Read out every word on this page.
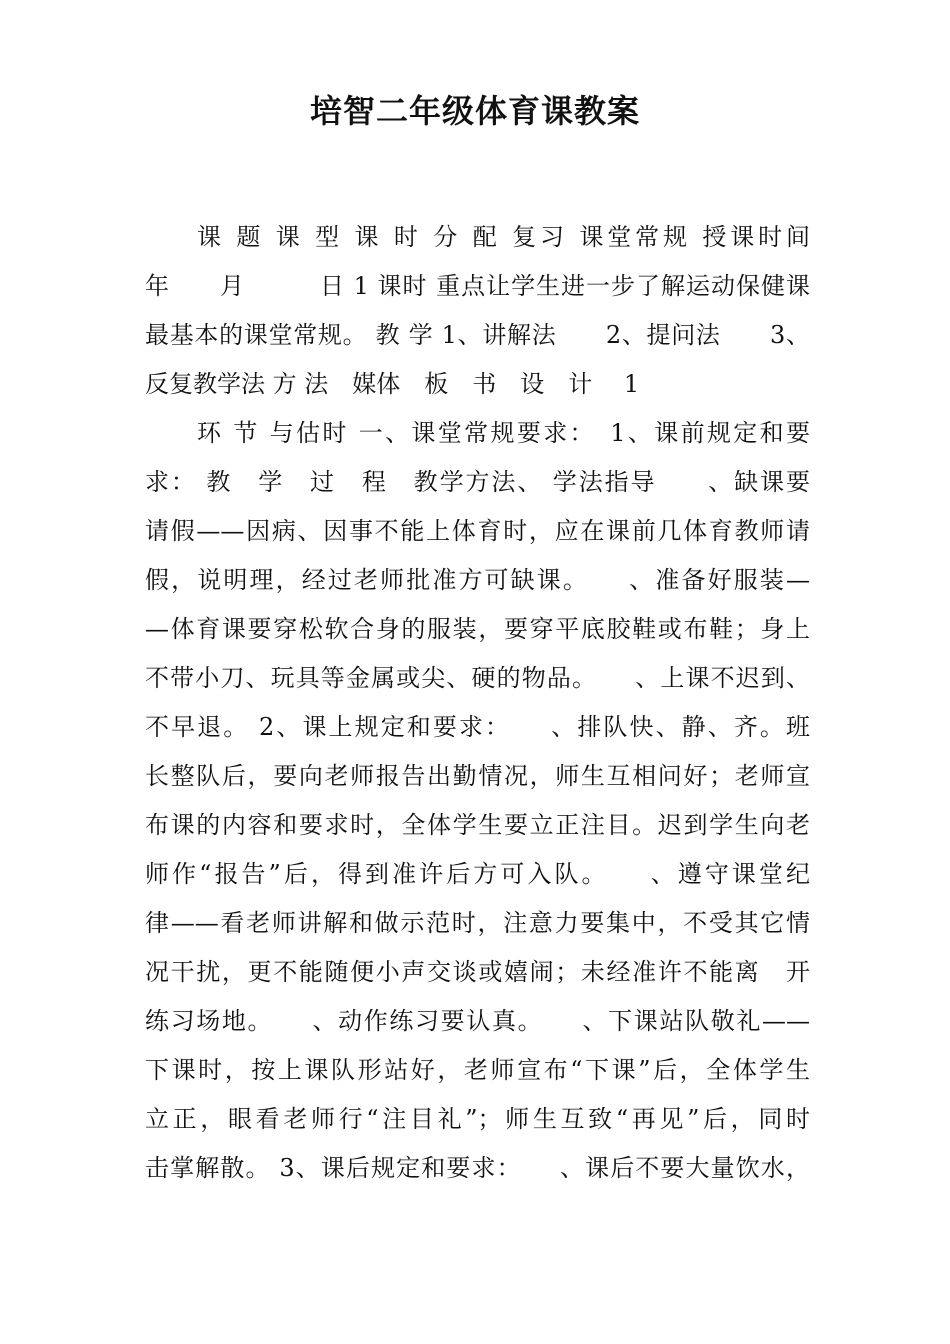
培智二年级体育课教案
课 题 课 型 课 时 分 配 复习 课堂常规 授课时间
年　　月　　　日 1 课时 重点让学生进一步了解运动保健课
最基本的课堂常规。 教 学 1、讲解法　　2、提问法　　3、
反复教学法 方 法　媒体　板　书　设　计　 1
环 节 与估时 一、课堂常规要求：　1、课前规定和要
求： 教　学　过　程　教学方法、 学法指导　　、缺课要
请假——因病、因事不能上体育时，应在课前几体育教师请
假，说明理，经过老师批准方可缺课。　　、准备好服装—
—体育课要穿松软合身的服装，要穿平底胶鞋或布鞋；身上
不带小刀、玩具等金属或尖、硬的物品。　　、上课不迟到、
不早退。 2、课上规定和要求：　　、排队快、静、齐。班
长整队后，要向老师报告出勤情况，师生互相问好；老师宣
布课的内容和要求时，全体学生要立正注目。迟到学生向老
师作“报告”后，得到准许后方可入队。　　、遵守课堂纪
律——看老师讲解和做示范时，注意力要集中，不受其它情
况干扰，更不能随便小声交谈或嬉闹；未经准许不能离　开
练习场地。　　、动作练习要认真。　　、下课站队敬礼——
下课时，按上课队形站好，老师宣布“下课”后，全体学生
立正，眼看老师行“注目礼”；师生互致“再见”后，同时
击掌解散。 3、课后规定和要求：　　、课后不要大量饮水，
